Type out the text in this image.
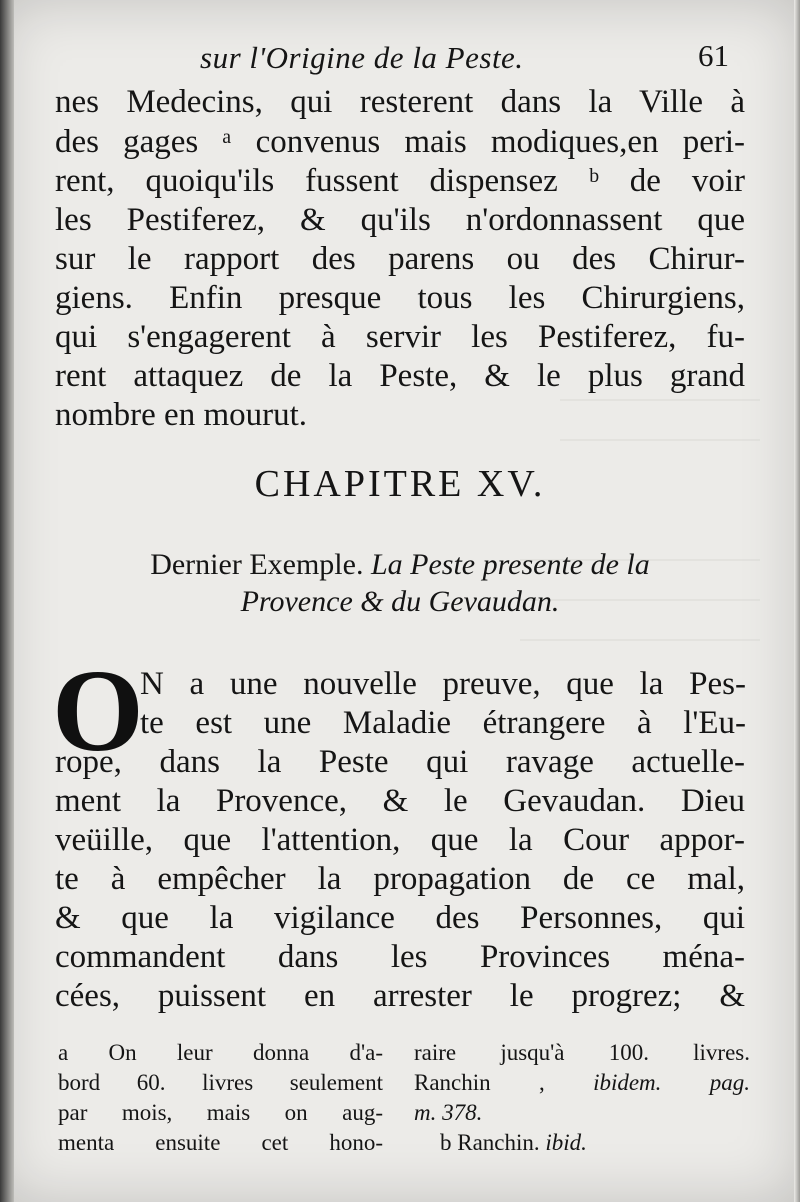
sur l'Origine de la Peste.	61
nes Medecins, qui resterent dans la Ville à
des gages ᵃ convenus mais modiques,en peri-
rent, quoiqu'ils fussent dispensez ᵇ de voir
les Pestiferez, & qu'ils n'ordonnassent que
sur le rapport des parens ou des Chirur-
giens. Enfin presque tous les Chirurgiens,
qui s'engagerent à servir les Pestiferez, fu-
rent attaquez de la Peste, & le plus grand
nombre en mourut.
CHAPITRE XV.
Dernier Exemple. La Peste presente de la
Provence & du Gevaudan.
O
N a une nouvelle preuve, que la Pes-
te est une Maladie étrangere à l'Eu-
rope, dans la Peste qui ravage actuelle-
ment la Provence, & le Gevaudan. Dieu
veüille, que l'attention, que la Cour appor-
te à empêcher la propagation de ce mal,
& que la vigilance des Personnes, qui
commandent dans les Provinces ména-
cées, puissent en arrester le progrez; &
a On leur donna d'a-
bord 60. livres seulement
par mois, mais on aug-
menta ensuite cet hono-
raire jusqu'à 100. livres.
Ranchin , ibidem. pag.
m. 378.
b Ranchin. ibid.
